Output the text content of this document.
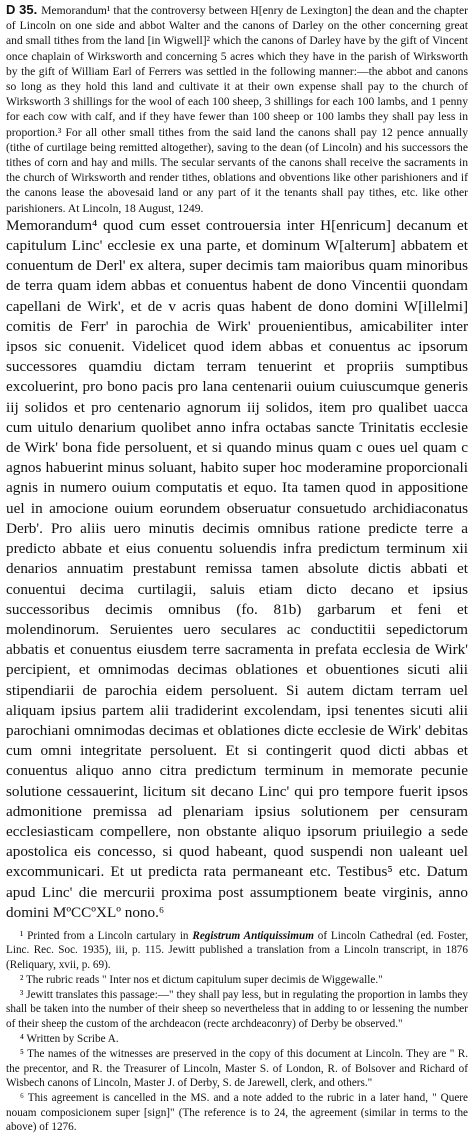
D 35. Memorandum¹ that the controversy between H[enry de Lexington] the dean and the chapter of Lincoln on one side and abbot Walter and the canons of Darley on the other concerning great and small tithes from the land [in Wigwell]² which the canons of Darley have by the gift of Vincent once chaplain of Wirksworth and concerning 5 acres which they have in the parish of Wirksworth by the gift of William Earl of Ferrers was settled in the following manner:—the abbot and canons so long as they hold this land and cultivate it at their own expense shall pay to the church of Wirksworth 3 shillings for the wool of each 100 sheep, 3 shillings for each 100 lambs, and 1 penny for each cow with calf, and if they have fewer than 100 sheep or 100 lambs they shall pay less in proportion.³ For all other small tithes from the said land the canons shall pay 12 pence annually (tithe of curtilage being remitted altogether), saving to the dean (of Lincoln) and his successors the tithes of corn and hay and mills. The secular servants of the canons shall receive the sacraments in the church of Wirksworth and render tithes, oblations and obventions like other parishioners and if the canons lease the abovesaid land or any part of it the tenants shall pay tithes, etc. like other parishioners. At Lincoln, 18 August, 1249.

Memorandum⁴ quod cum esset controuersia inter H[enricum] decanum et capitulum Linc' ecclesie ex una parte, et dominum W[alterum] abbatem et conuentum de Derl' ex altera, super decimis tam maioribus quam minoribus de terra quam idem abbas et conuentus habent de dono Vincentii quondam capellani de Wirk', et de v acris quas habent de dono domini W[illelmi] comitis de Ferr' in parochia de Wirk' prouenientibus, amicabiliter inter ipsos sic conuenit. Videlicet quod idem abbas et conuentus ac ipsorum successores quamdiu dictam terram tenuerint et propriis sumptibus excoluerint, pro bono pacis pro lana centenarii ouium cuiuscumque generis iij solidos et pro centenario agnorum iij solidos, item pro qualibet uacca cum uitulo denarium quolibet anno infra octabas sancte Trinitatis ecclesie de Wirk' bona fide persoluent, et si quando minus quam c oues uel quam c agnos habuerint minus soluant, habito super hoc moderamine proporcionali agnis in numero ouium computatis et equo. Ita tamen quod in appositione uel in amocione ouium eorundem obseruatur consuetudo archidiaconatus Derb'. Pro aliis uero minutis decimis omnibus ratione predicte terre a predicto abbate et eius conuentu soluendis infra predictum terminum xii denarios annuatim prestabunt remissa tamen absolute dictis abbati et conuentui decima curtilagii, saluis etiam dicto decano et ipsius successoribus decimis omnibus (fo. 81b) garbarum et feni et molendinorum. Seruientes uero seculares ac conductitii sepedictorum abbatis et conuentus eiusdem terre sacramenta in prefata ecclesia de Wirk' percipient, et omnimodas decimas oblationes et obuentiones sicuti alii stipendiarii de parochia eidem persoluent. Si autem dictam terram uel aliquam ipsius partem alii tradiderint excolendam, ipsi tenentes sicuti alii parochiani omnimodas decimas et oblationes dicte ecclesie de Wirk' debitas cum omni integritate persoluent. Et si contingerit quod dicti abbas et conuentus aliquo anno citra predictum terminum in memorate pecunie solutione cessauerint, licitum sit decano Linc' qui pro tempore fuerit ipsos admonitione premissa ad plenariam ipsius solutionem per censuram ecclesiasticam compellere, non obstante aliquo ipsorum priuilegio a sede apostolica eis concesso, si quod habeant, quod suspendi non ualeant uel excommunicari. Et ut predicta rata permaneant etc. Testibus⁵ etc. Datum apud Linc' die mercurii proxima post assumptionem beate virginis, anno domini MºCCºXLº nono.⁶

¹ Printed from a Lincoln cartulary in Registrum Antiquissimum of Lincoln Cathedral (ed. Foster, Linc. Rec. Soc. 1935), iii, p. 115. Jewitt published a translation from a Lincoln transcript, in 1876 (Reliquary, xvii, p. 69).

² The rubric reads " Inter nos et dictum capitulum super decimis de Wiggewalle."

³ Jewitt translates this passage:—" they shall pay less, but in regulating the proportion in lambs they shall be taken into the number of their sheep so nevertheless that in adding to or lessening the number of their sheep the custom of the archdeacon (recte archdeaconry) of Derby be observed."

⁴ Written by Scribe A.

⁵ The names of the witnesses are preserved in the copy of this document at Lincoln. They are " R. the precentor, and R. the Treasurer of Lincoln, Master S. of London, R. of Bolsover and Richard of Wisbech canons of Lincoln, Master J. of Derby, S. de Jarewell, clerk, and others."

⁶ This agreement is cancelled in the MS. and a note added to the rubric in a later hand, " Quere nouam composicionem super [sign]" (The reference is to 24, the agreement (similar in terms to the above) of 1276.
